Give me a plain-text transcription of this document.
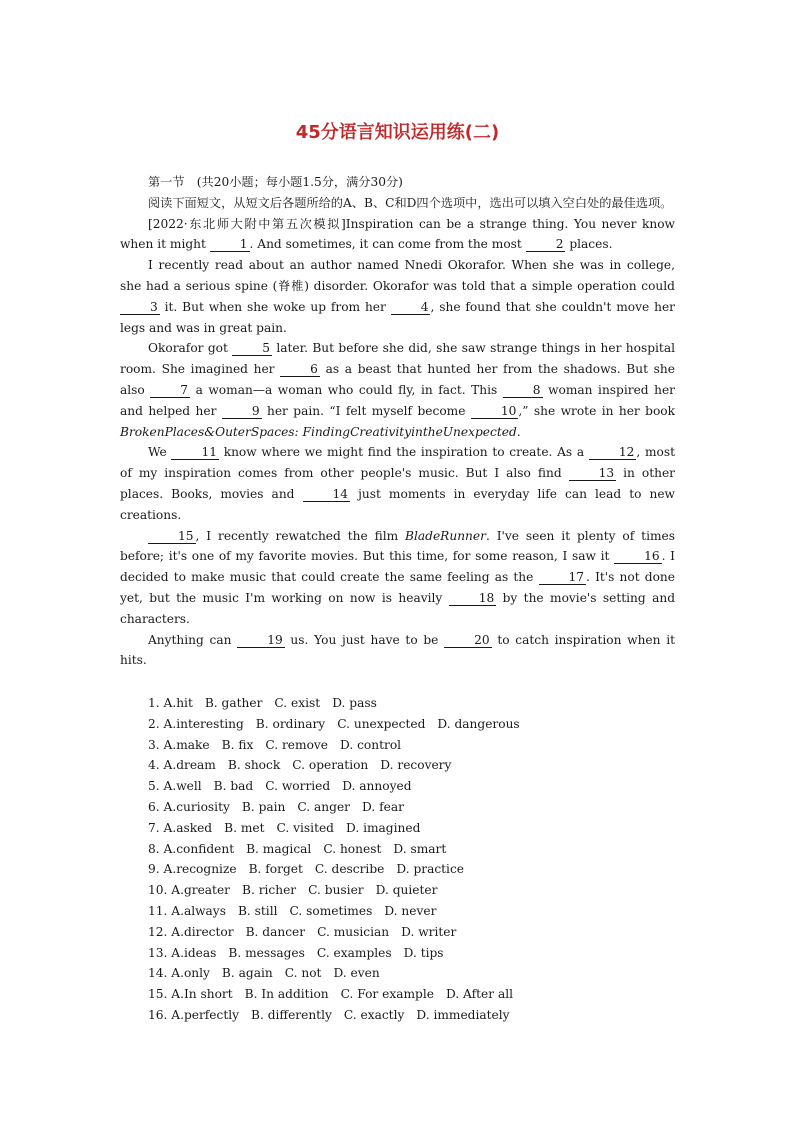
45分语言知识运用练(二)

第一节　(共20小题；每小题1.5分，满分30分)

阅读下面短文，从短文后各题所给的A、B、C和D四个选项中，选出可以填入空白处的最佳选项。

[2022·东北师大附中第五次模拟]Inspiration can be a strange thing. You never know when it might 1 . And sometimes, it can come from the most 2 places.

I recently read about an author named Nnedi Okorafor. When she was in college, she had a serious spine (脊椎) disorder. Okorafor was told that a simple operation could 3 it. But when she woke up from her 4 , she found that she couldn't move her legs and was in great pain.

Okorafor got 5 later. But before she did, she saw strange things in her hospital room. She imagined her 6 as a beast that hunted her from the shadows. But she also 7 a woman—a woman who could fly, in fact. This 8 woman inspired her and helped her 9 her pain. “I felt myself become 10 ,” she wrote in her book BrokenPlaces&OuterSpaces: FindingCreativityintheUnexpected.

We 11 know where we might find the inspiration to create. As a 12 , most of my inspiration comes from other people's music. But I also find 13 in other places. Books, movies and 14 just moments in everyday life can lead to new creations.

15 , I recently rewatched the film BladeRunner. I've seen it plenty of times before; it's one of my favorite movies. But this time, for some reason, I saw it 16 . I decided to make music that could create the same feeling as the 17 . It's not done yet, but the music I'm working on now is heavily 18 by the movie's setting and characters.

Anything can 19 us. You just have to be 20 to catch inspiration when it hits.

1. A.hit B. gather C. exist D. pass
2. A.interesting B. ordinary C. unexpected D. dangerous
3. A.make B. fix C. remove D. control
4. A.dream B. shock C. operation D. recovery
5. A.well B. bad C. worried D. annoyed
6. A.curiosity B. pain C. anger D. fear
7. A.asked B. met C. visited D. imagined
8. A.confident B. magical C. honest D. smart
9. A.recognize B. forget C. describe D. practice
10. A.greater B. richer C. busier D. quieter
11. A.always B. still C. sometimes D. never
12. A.director B. dancer C. musician D. writer
13. A.ideas B. messages C. examples D. tips
14. A.only B. again C. not D. even
15. A.In short B. In addition C. For example D. After all
16. A.perfectly B. differently C. exactly D. immediately
